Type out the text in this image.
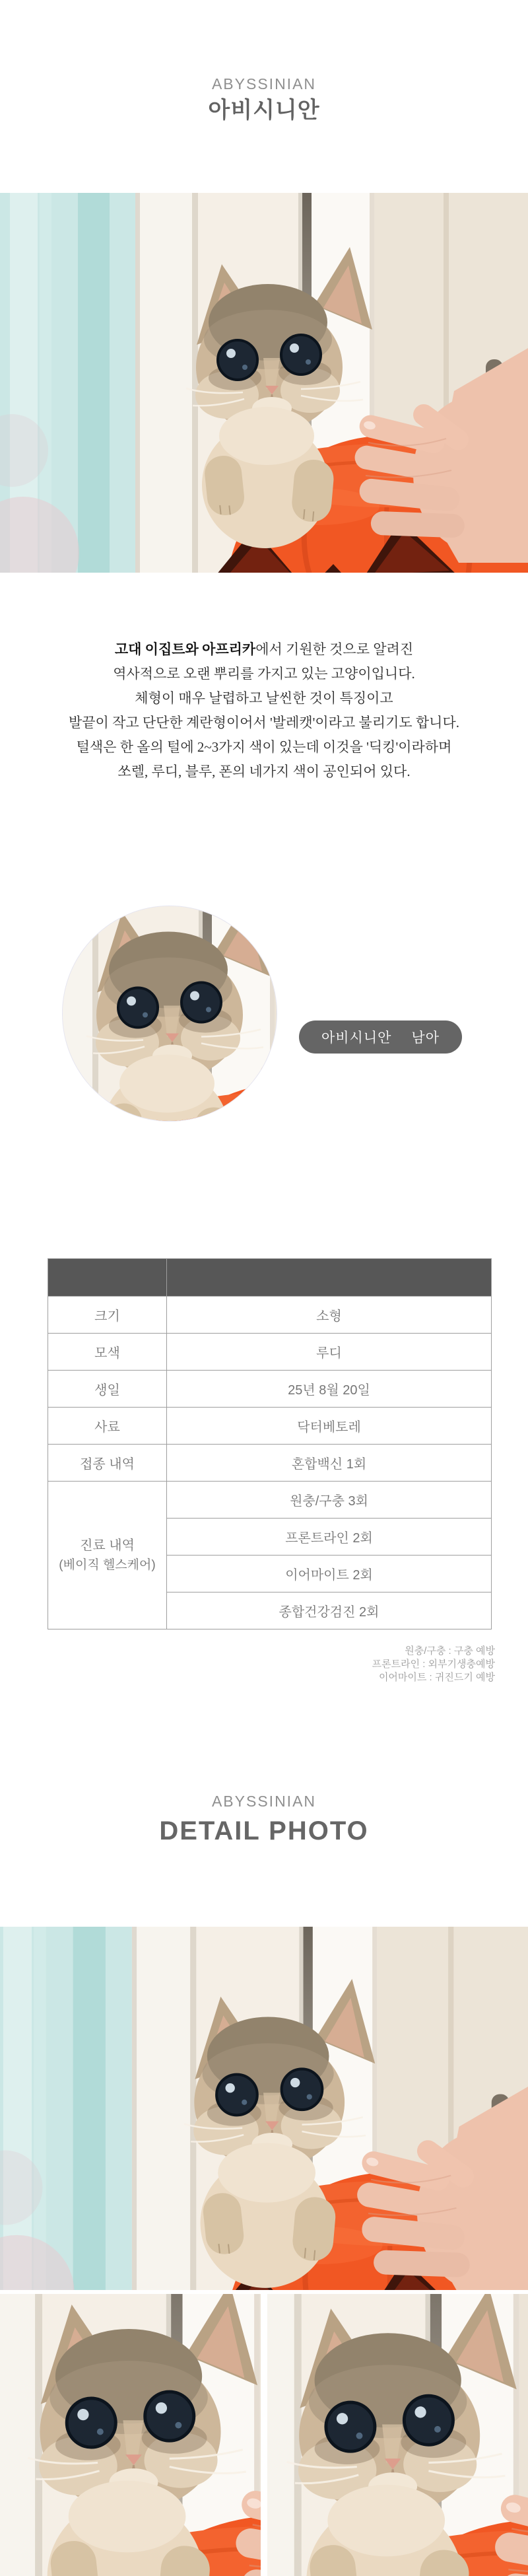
ABYSSINIAN
아비시니안
고대 이집트와 아프리카에서 기원한 것으로 알려진
역사적으로 오랜 뿌리를 가지고 있는 고양이입니다.
체형이 매우 날렵하고 날씬한 것이 특징이고
발끝이 작고 단단한 계란형이어서 '발레캣'이라고 불리기도 합니다.
털색은 한 올의 털에 2~3가지 색이 있는데 이것을 '딕킹'이라하며
쏘렐, 루디, 블루, 폰의 네가지 색이 공인되어 있다.
아비시니안 남아

크기	소형
모색	루디
생일	25년 8월 20일
사료	닥터베토레
접종 내역	혼합백신 1회

진료 내역
(베이직 헬스케어)	원충/구충 3회
	프론트라인 2회
	이어마이트 2회
	종합건강검진 2회
원충/구충 : 구충 예방
프론트라인 : 외부기생충예방
이어마이트 : 귀진드기 예방
ABYSSINIAN
DETAIL PHOTO
